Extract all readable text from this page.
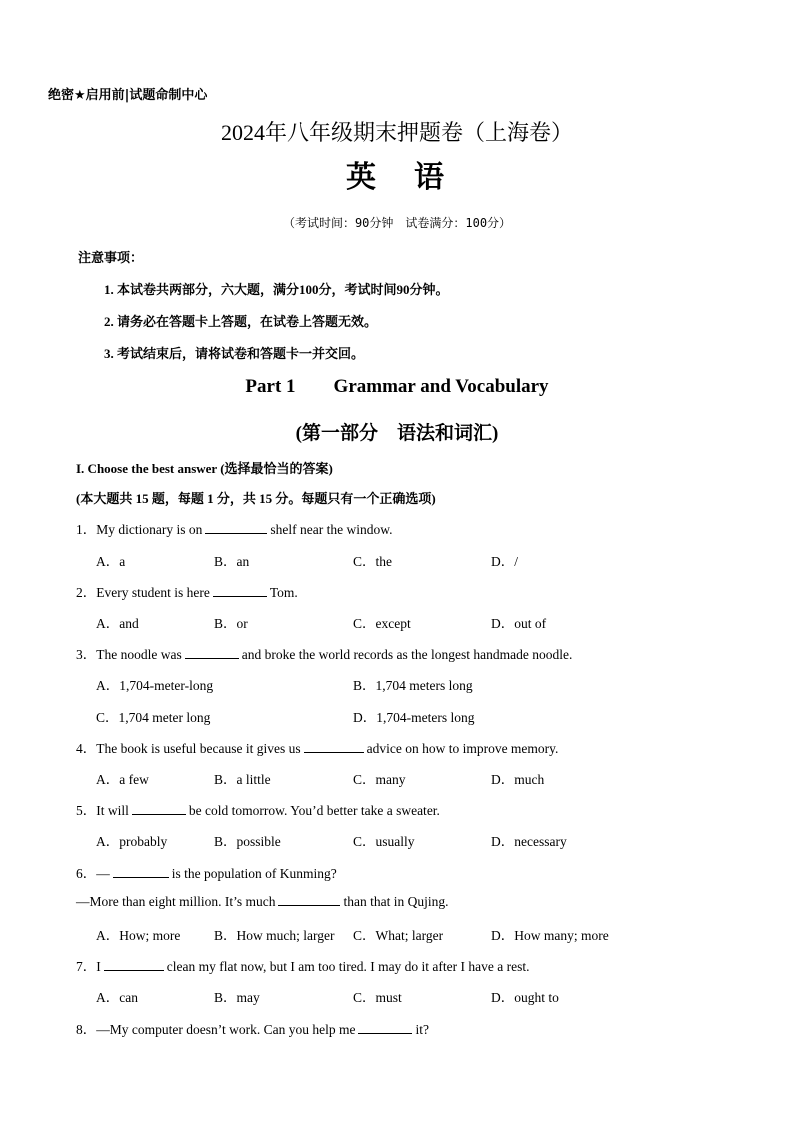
绝密★启用前|试题命制中心
2024年八年级期末押题卷（上海卷）
英　语
（考试时间：90分钟　试卷满分：100分）
注意事项：
1. 本试卷共两部分，六大题，满分100分，考试时间90分钟。
2. 请务必在答题卡上答题，在试卷上答题无效。
3. 考试结束后，请将试卷和答题卡一并交回。
Part 1 Grammar and Vocabulary
(第一部分　语法和词汇)
I. Choose the best answer (选择最恰当的答案)
(本大题共 15 题，每题 1 分，共 15 分。每题只有一个正确选项)
1．My dictionary is on	shelf near the window.
A．a	B．an	C．the	D．/
2．Every student is here	Tom.
A．and	B．or	C．except	D．out of
3．The noodle was	and broke the world records as the longest handmade noodle.
A．1,704-meter-long	B．1,704 meters long
C．1,704 meter long	D．1,704-meters long
4．The book is useful because it gives us	advice on how to improve memory.
A．a few	B．a little	C．many	D．much
5．It will	be cold tomorrow. You’d better take a sweater.
A．probably	B．possible	C．usually	D．necessary
6．—	is the population of Kunming?
—More than eight million. It’s much	than that in Qujing.
A．How; more B．How much; larger C．What; larger	D．How many; more
7．I	clean my flat now, but I am too tired. I may do it after I have a rest.
A．can	B．may	C．must	D．ought to
8．—My computer doesn’t work. Can you help me	it?
